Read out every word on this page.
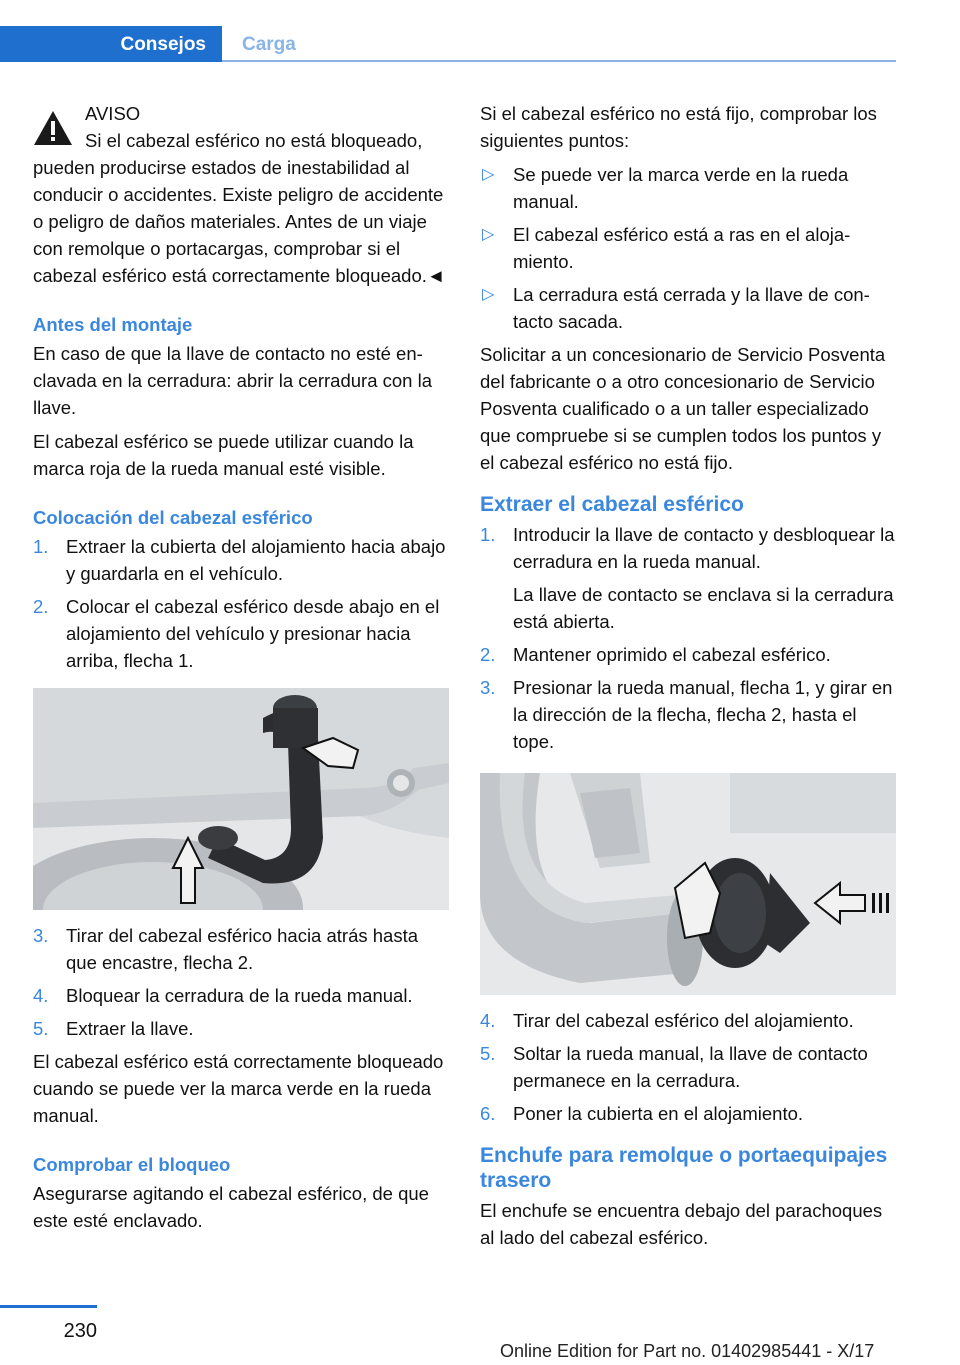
Consejos	Carga
AVISO
Si el cabezal esférico no está bloqueado,

pueden producirse estados de inestabilidad al conducir o accidentes. Existe peligro de accidente o peligro de daños materiales. Antes de un viaje con remolque o portacargas, comprobar si el cabezal esférico está correctamente bloqueado.◄

Antes del montaje

En caso de que la llave de contacto no esté enclavada en la cerradura: abrir la cerradura con la llave.

El cabezal esférico se puede utilizar cuando la marca roja de la rueda manual esté visible.

Colocación del cabezal esférico
1. Extraer la cubierta del alojamiento hacia abajo y guardarla en el vehículo.
2. Colocar el cabezal esférico desde abajo en el alojamiento del vehículo y presionar hacia arriba, flecha 1.
3. Tirar del cabezal esférico hacia atrás hasta que encastre, flecha 2.
4. Bloquear la cerradura de la rueda manual.
5. Extraer la llave.

El cabezal esférico está correctamente bloqueado cuando se puede ver la marca verde en la rueda manual.

Comprobar el bloqueo

Asegurarse agitando el cabezal esférico, de que este esté enclavado.

Si el cabezal esférico no está fijo, comprobar los siguientes puntos:

▷ Se puede ver la marca verde en la rueda manual.
▷ El cabezal esférico está a ras en el alojamiento.
▷ La cerradura está cerrada y la llave de contacto sacada.

Solicitar a un concesionario de Servicio Posventa del fabricante o a otro concesionario de Servicio Posventa cualificado o a un taller especializado que compruebe si se cumplen todos los puntos y el cabezal esférico no está fijo.

Extraer el cabezal esférico
1. Introducir la llave de contacto y desbloquear la cerradura en la rueda manual.
La llave de contacto se enclava si la cerradura está abierta.
2. Mantener oprimido el cabezal esférico.
3. Presionar la rueda manual, flecha 1, y girar en la dirección de la flecha, flecha 2, hasta el tope.
4. Tirar del cabezal esférico del alojamiento.
5. Soltar la rueda manual, la llave de contacto permanece en la cerradura.
6. Poner la cubierta en el alojamiento.
Enchufe para remolque o portaequipajes trasero

El enchufe se encuentra debajo del parachoques al lado del cabezal esférico.

230
Online Edition for Part no. 01402985441 - X/17
